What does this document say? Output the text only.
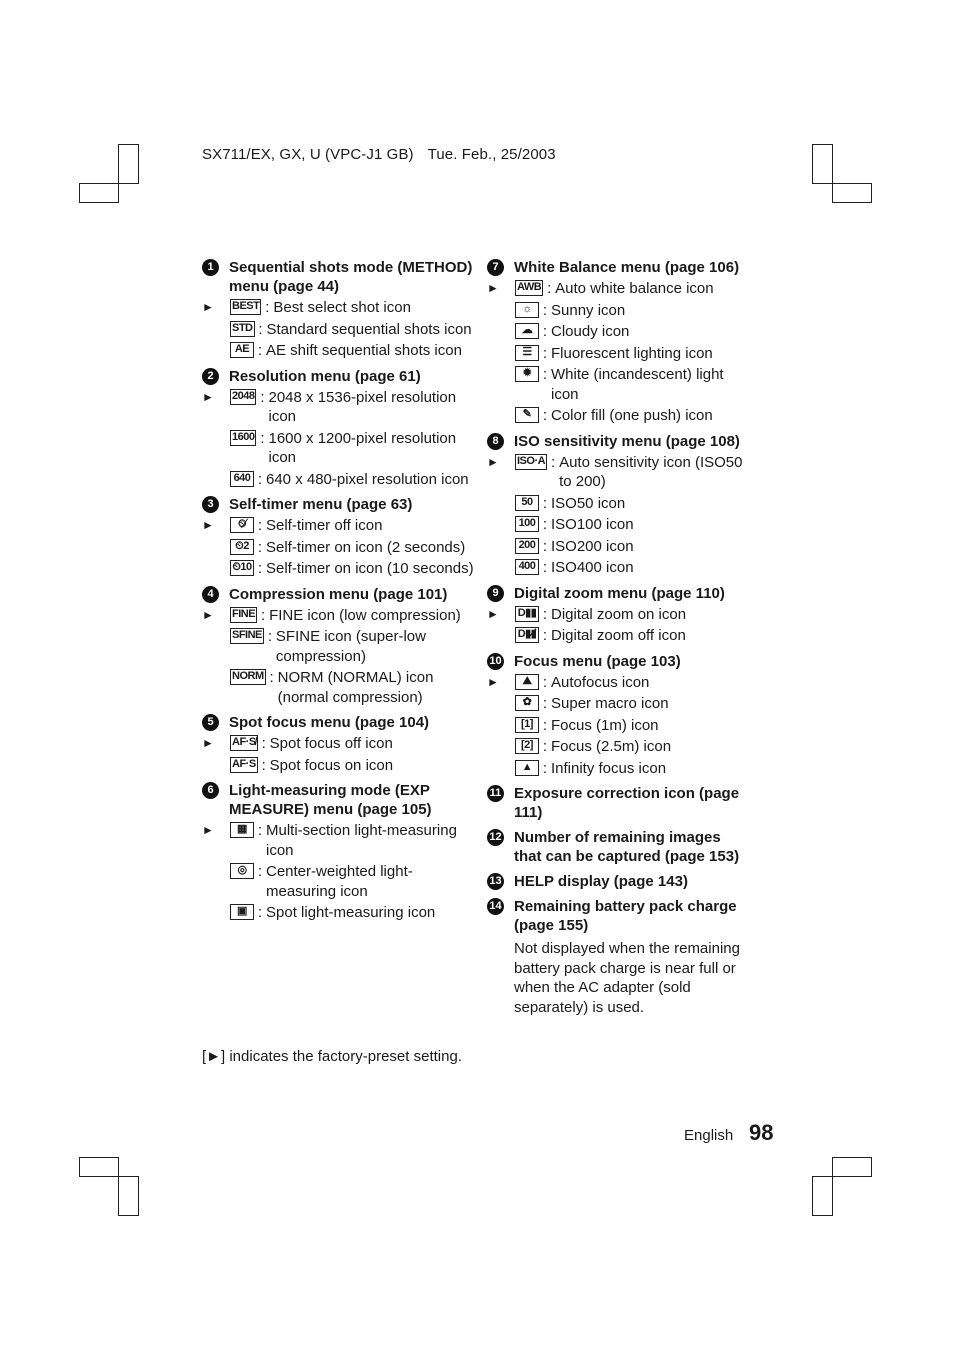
SX711/EX, GX, U (VPC-J1 GB) Tue. Feb., 25/2003
1	Sequential shots mode (METHOD) menu (page 44)
►	BEST : Best select shot icon
STD : Standard sequential shots icon
AE : AE shift sequential shots icon
2	Resolution menu (page 61)
►	2048 : 2048 x 1536-pixel resolution icon
1600 : 1600 x 1200-pixel resolution icon
640 : 640 x 480-pixel resolution icon
3	Self-timer menu (page 63)
►	⏲̸ : Self-timer off icon
⏲2 : Self-timer on icon (2 seconds)
⏲10 : Self-timer on icon (10 seconds)
4	Compression menu (page 101)
►	FINE : FINE icon (low compression)
SFINE : SFINE icon (super-low compression)
NORM : NORM (NORMAL) icon (normal compression)
5	Spot focus menu (page 104)
►	AF·S̸ : Spot focus off icon
AF·S : Spot focus on icon
6	Light-measuring mode (EXP MEASURE) menu (page 105)
►	▦ : Multi-section light-measuring icon
◎ : Center-weighted light-measuring icon
▣ : Spot light-measuring icon
7	White Balance menu (page 106)
►	AWB : Auto white balance icon
☼ : Sunny icon
☁ : Cloudy icon
☰ : Fluorescent lighting icon
✹ : White (incandescent) light icon
✎ : Color fill (one push) icon
8	ISO sensitivity menu (page 108)
►	ISO·A : Auto sensitivity icon (ISO50 to 200)
50 : ISO50 icon
100 : ISO100 icon
200 : ISO200 icon
400 : ISO400 icon
9	Digital zoom menu (page 110)
►	D▮▮ : Digital zoom on icon
D▮▮̸ : Digital zoom off icon
10 Focus menu (page 103)
►	⛰ : Autofocus icon
✿ : Super macro icon
[1] : Focus (1m) icon
[2] : Focus (2.5m) icon
▲ : Infinity focus icon
11 Exposure correction icon (page 111)
12 Number of remaining images that can be captured (page 153)
13 HELP display (page 143)
14 Remaining battery pack charge (page 155)
Not displayed when the remaining battery pack charge is near full or when the AC adapter (sold separately) is used.
[►] indicates the factory-preset setting.
English 98
